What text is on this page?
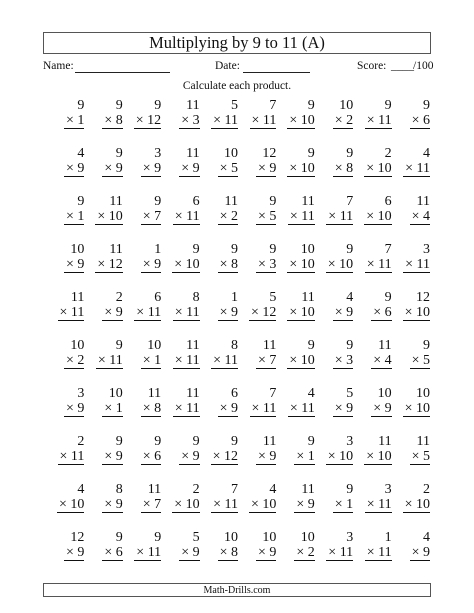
Multiplying by 9 to 11 (A)
Name:	Date:	Score: ____ /100
Calculate each product.
9
× 1
9
× 8
9
× 12
11
× 3
5
× 11
7
× 11
9
× 10
10
× 2
9
× 11
9
× 6
4
× 9
9
× 9
3
× 9
11
× 9
10
× 5
12
× 9
9
× 10
9
× 8
2
× 10
4
× 11
9
× 1
11
× 10
9
× 7
6
× 11
11
× 2
9
× 5
11
× 11
7
× 11
6
× 10
11
× 4
10
× 9
11
× 12
1
× 9
9
× 10
9
× 8
9
× 3
10
× 10
9
× 10
7
× 11
3
× 11
11
× 11
2
× 9
6
× 11
8
× 11
1
× 9
5
× 12
11
× 10
4
× 9
9
× 6
12
× 10
10
× 2
9
× 11
10
× 1
11
× 11
8
× 11
11
× 7
9
× 10
9
× 3
11
× 4
9
× 5
3
× 9
10
× 1
11
× 8
11
× 11
6
× 9
7
× 11
4
× 11
5
× 9
10
× 9
10
× 10
2
× 11
9
× 9
9
× 6
9
× 9
9
× 12
11
× 9
9
× 1
3
× 10
11
× 10
11
× 5
4
× 10
8
× 9
11
× 7
2
× 10
7
× 11
4
× 10
11
× 9
9
× 1
3
× 11
2
× 10
12
× 9
9
× 6
9
× 11
5
× 9
10
× 8
10
× 9
10
× 2
3
× 11
1
× 11
4
× 9
Math-Drills.com
